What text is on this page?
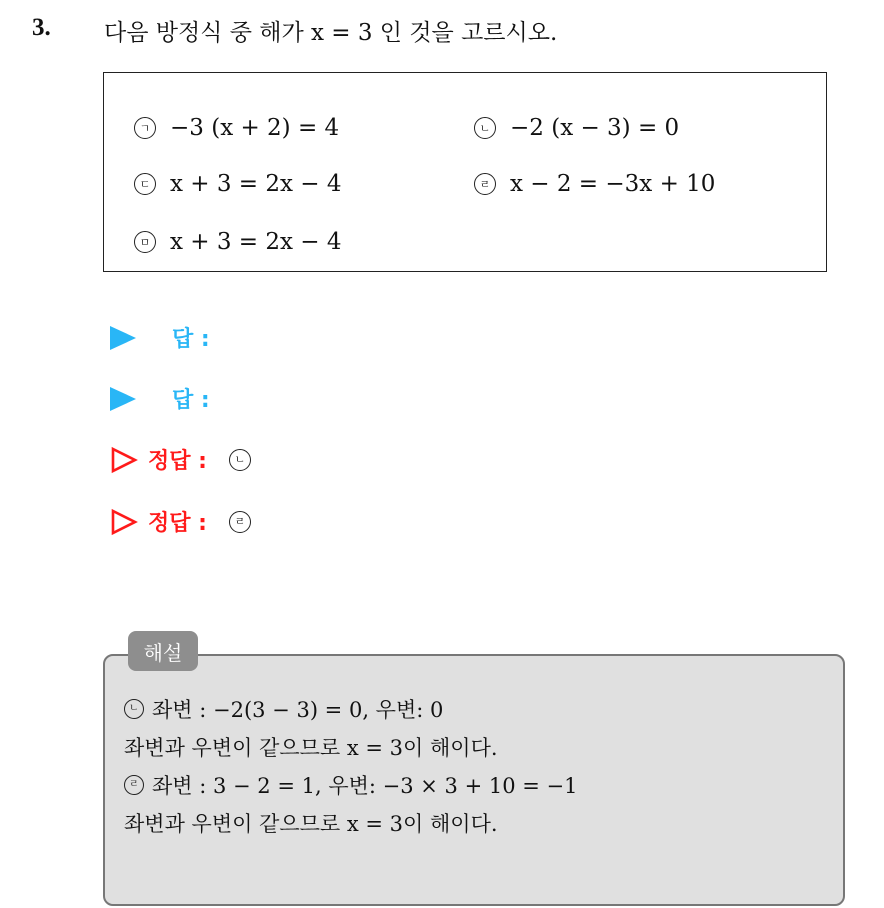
3. 다음 방정식 중 해가 x = 3 인 것을 고르시오.
ㄱ −3 (x + 2) = 4	ㄴ −2 (x − 3) = 0
ㄷ x + 3 = 2x − 4	ㄹ x − 2 = −3x + 10
ㅁ x + 3 = 2x − 4
답 :
답 :
정답 :	ㄴ
정답 :	ㄹ
해설
ㄴ 좌변 : −2(3 − 3) = 0, 우변: 0
좌변과 우변이 같으므로 x = 3이 해이다.
ㄹ 좌변 : 3 − 2 = 1, 우변: −3 × 3 + 10 = −1
좌변과 우변이 같으므로 x = 3이 해이다.
